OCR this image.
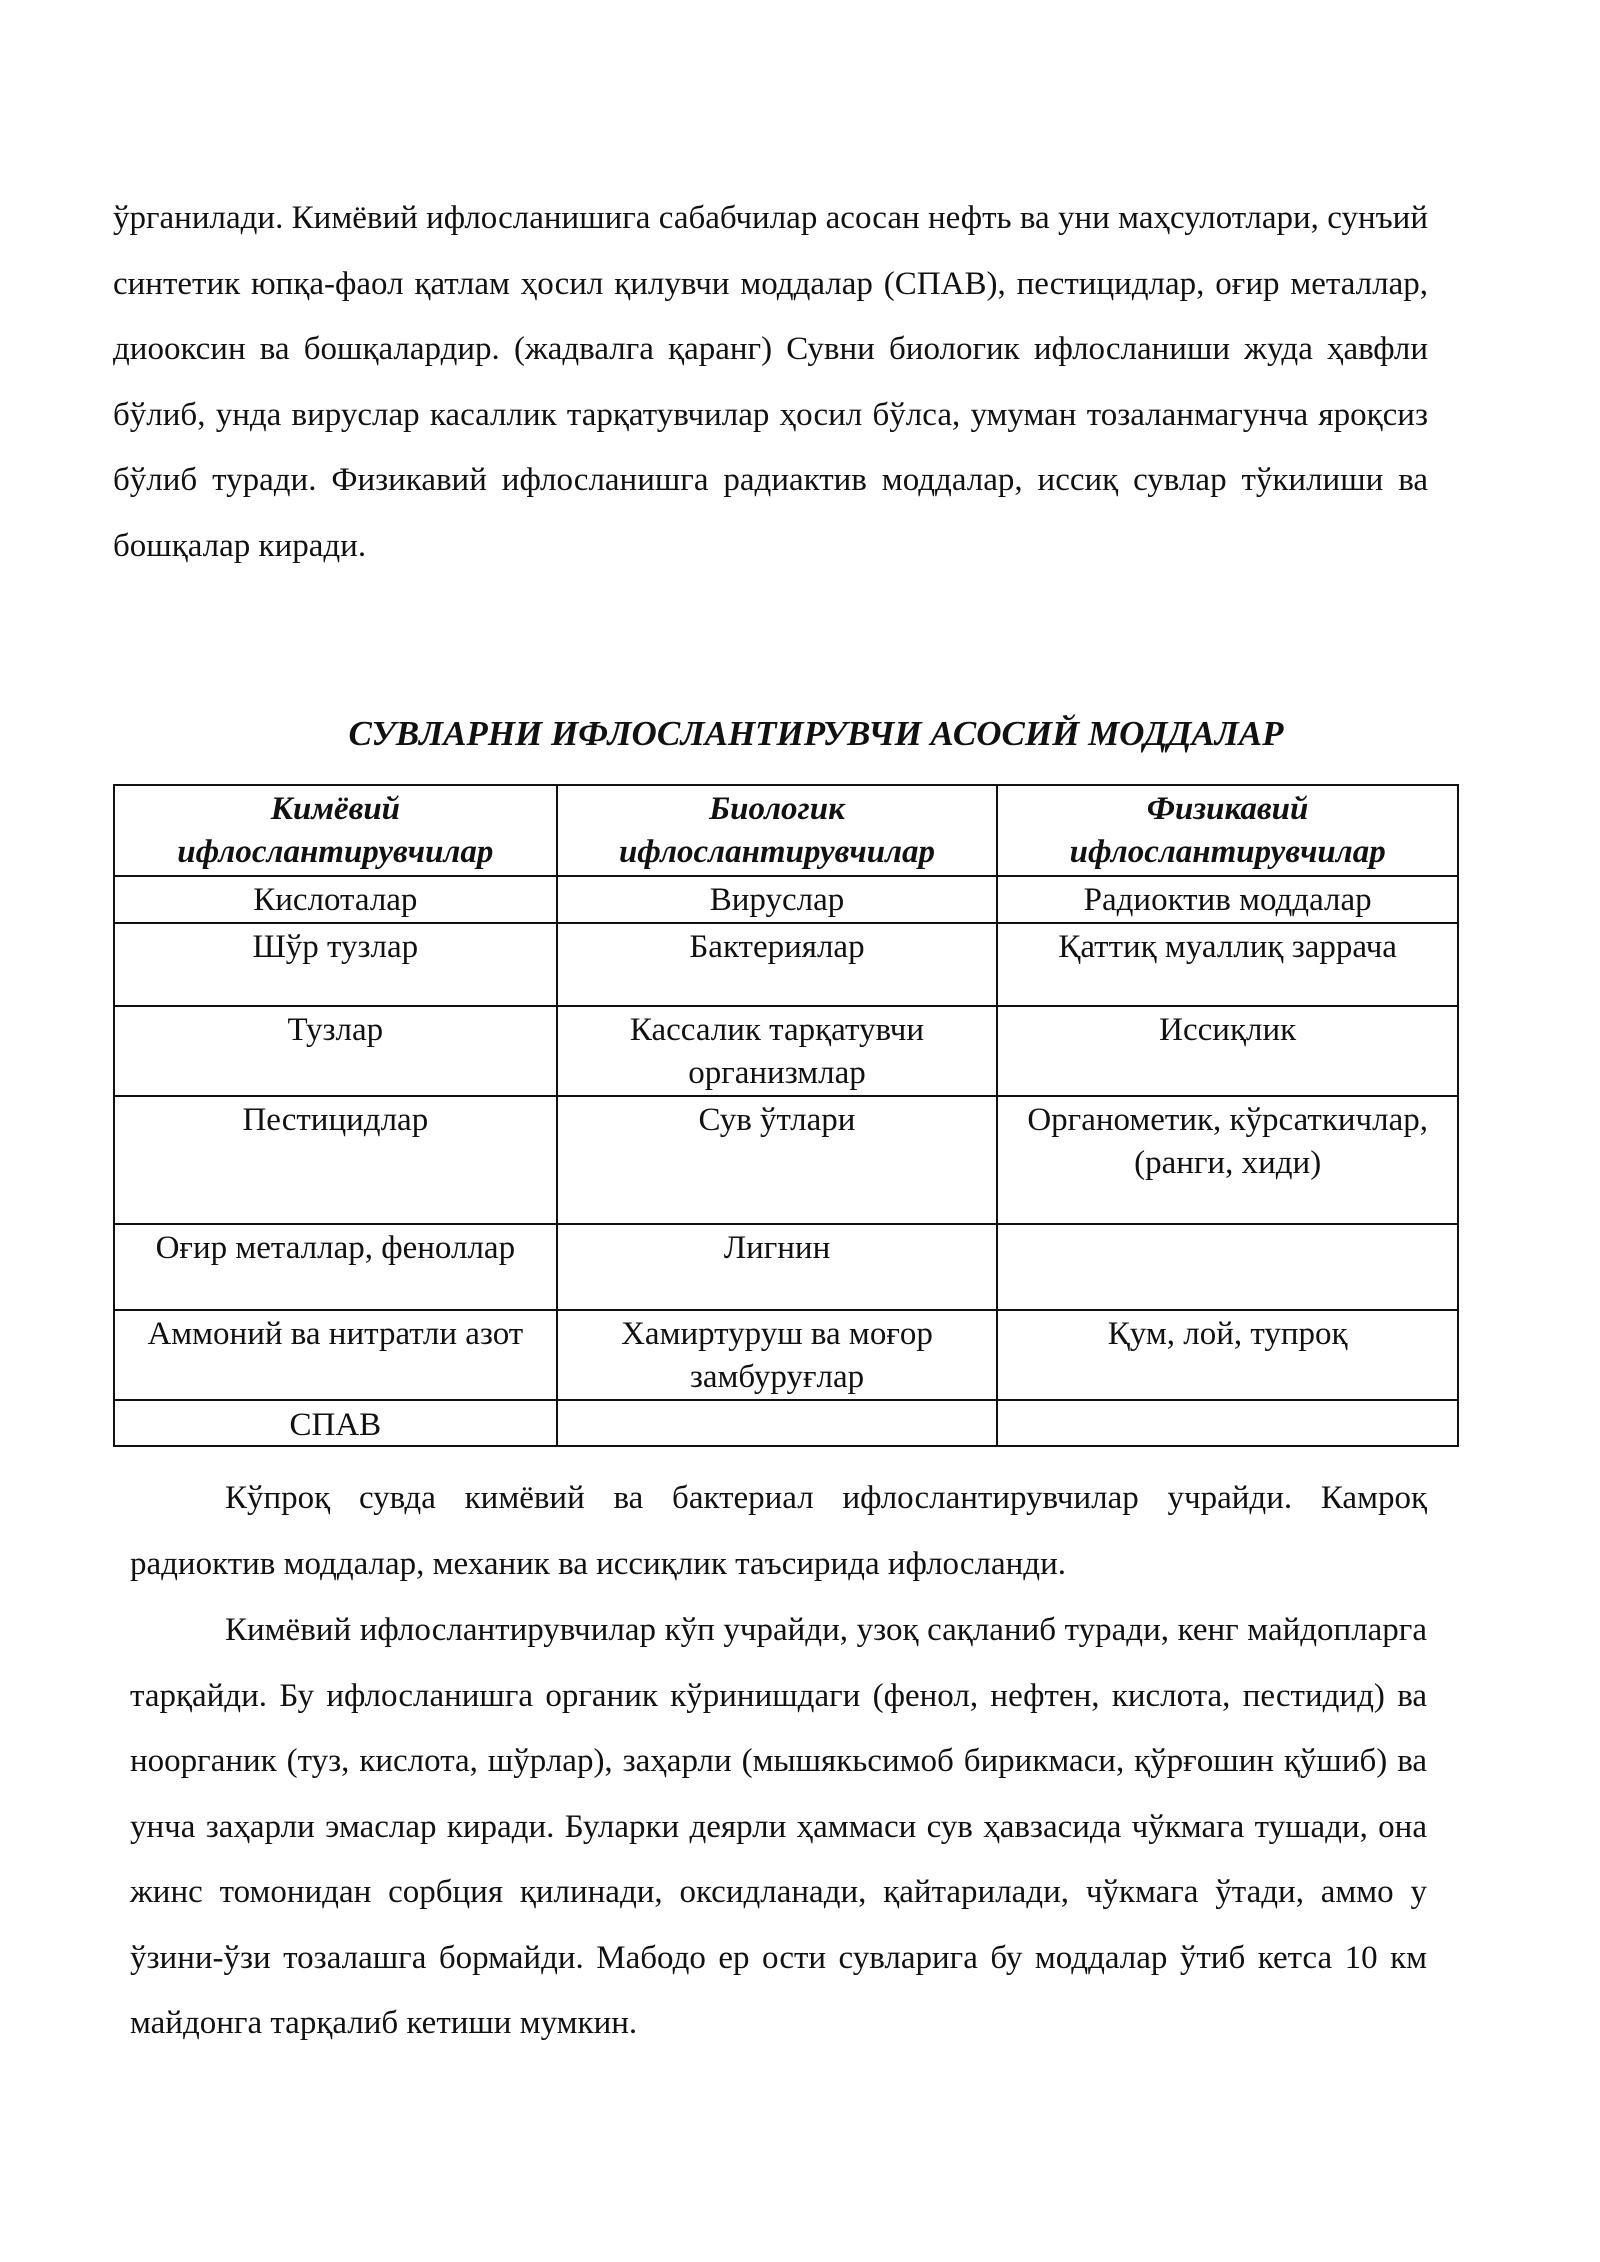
ўрганилади. Кимёвий ифлосланишига сабабчилар асосан нефть ва уни маҳсулотлари, сунъий синтетик юпқа-фаол қатлам ҳосил қилувчи моддалар (СПАВ), пестицидлар, оғир металлар, диооксин ва бошқалардир. (жадвалга қаранг) Сувни биологик ифлосланиши жуда ҳавфли бўлиб, унда вируслар касаллик тарқатувчилар ҳосил бўлса, умуман тозаланмагунча яроқсиз бўлиб туради. Физикавий ифлосланишга радиактив моддалар, иссиқ сувлар тўкилиши ва бошқалар киради.

СУВЛАРНИ ИФЛОСЛАНТИРУВЧИ АСОСИЙ МОДДАЛАР
Кимёвий ифлослантирувчилар	Биологик ифлослантирувчилар	Физикавий ифлослантирувчилар
Кислоталар	Вируслар	Радиоктив моддалар
Шўр тузлар	Бактериялар	Қаттиқ муаллиқ заррача
Тузлар	Кассалик тарқатувчи организмлар	Иссиқлик
Пестицидлар	Сув ўтлари	Органометик, кўрсаткичлар, (ранги, хиди)
Оғир металлар, феноллар	Лигнин	
Аммоний ва нитратли азот	Хамиртуруш ва моғор замбуруғлар	Қум, лой, тупроқ
СПАВ		

Кўпроқ сувда кимёвий ва бактериал ифлослантирувчилар учрайди. Камроқ радиоктив моддалар, механик ва иссиқлик таъсирида ифлосланди.

Кимёвий ифлослантирувчилар кўп учрайди, узоқ сақланиб туради, кенг майдопларга тарқайди. Бу ифлосланишга органик кўринишдаги (фенол, нефтен, кислота, пестидид) ва ноорганик (туз, кислота, шўрлар), заҳарли (мышякьсимоб бирикмаси, қўрғошин қўшиб) ва унча заҳарли эмаслар киради. Буларки деярли ҳаммаси сув ҳавзасида чўкмага тушади, она жинс томонидан сорбция қилинади, оксидланади, қайтарилади, чўкмага ўтади, аммо у ўзини-ўзи тозалашга бормайди. Мабодо ер ости сувларига бу моддалар ўтиб кетса 10 км майдонга тарқалиб кетиши мумкин.
